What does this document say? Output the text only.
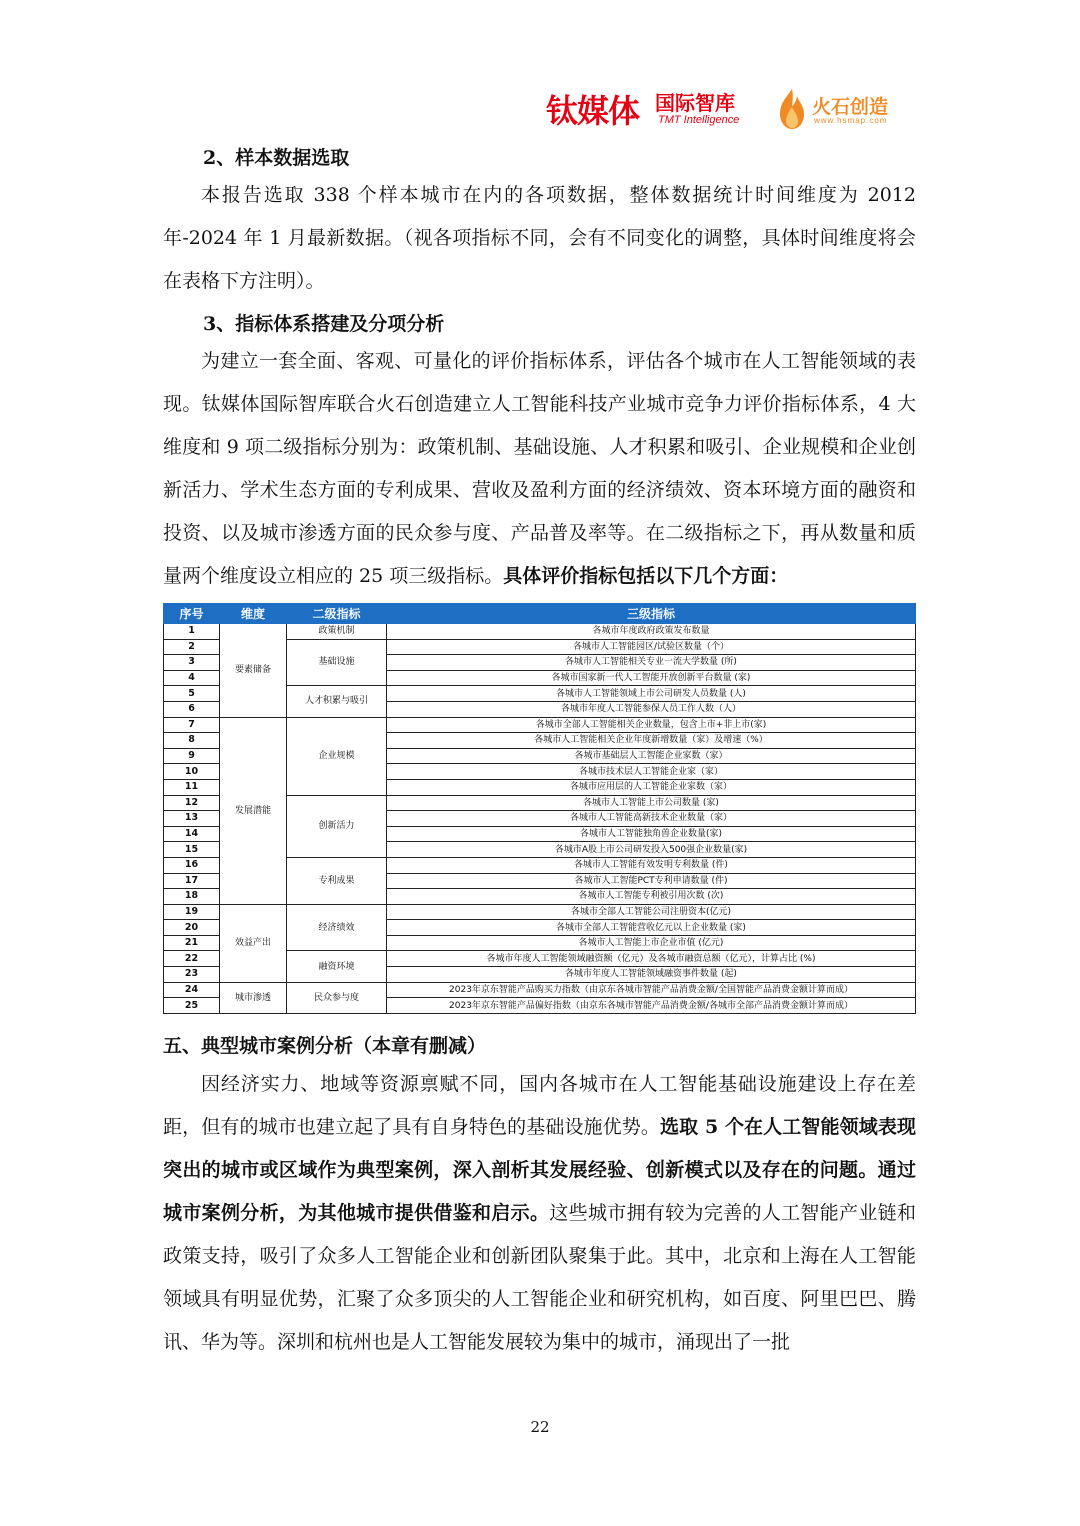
钛媒体 国际智库
TMT Intelligence
火石创造
www.hsmap.com
2、样本数据选取

本报告选取 338 个样本城市在内的各项数据，整体数据统计时间维度为 2012 年-2024 年 1 月最新数据。（视各项指标不同，会有不同变化的调整，具体时间维度将会在表格下方注明）。

3、指标体系搭建及分项分析

为建立一套全面、客观、可量化的评价指标体系，评估各个城市在人工智能领域的表现。钛媒体国际智库联合火石创造建立人工智能科技产业城市竞争力评价指标体系，4 大维度和 9 项二级指标分别为：政策机制、基础设施、人才积累和吸引、企业规模和企业创新活力、学术生态方面的专利成果、营收及盈利方面的经济绩效、资本环境方面的融资和投资、以及城市渗透方面的民众参与度、产品普及率等。在二级指标之下，再从数量和质量两个维度设立相应的 25 项三级指标。具体评价指标包括以下几个方面：

序号	维度	二级指标	三级指标
1	要素储备	政策机制	各城市年度政府政策发布数量
2		基础设施	各城市人工智能园区/试验区数量（个）
3			各城市人工智能相关专业一流大学数量 (所)
4			各城市国家新一代人工智能开放创新平台数量 (家)
5		人才积累与吸引	各城市人工智能领域上市公司研发人员数量 (人)
6			各城市年度人工智能参保人员工作人数（人）
7	发展潜能	企业规模	各城市全部人工智能相关企业数量，包含上市+非上市(家)
8			各城市人工智能相关企业年度新增数量（家）及增速（%）
9			各城市基础层人工智能企业家数（家）
10			各城市技术层人工智能企业家（家）
11			各城市应用层的人工智能企业家数（家）
12		创新活力	各城市人工智能上市公司数量 (家)
13			各城市人工智能高新技术企业数量（家）
14			各城市人工智能独角兽企业数量(家)
15			各城市A股上市公司研发投入500强企业数量(家)
16		专利成果	各城市人工智能有效发明专利数量 (件)
17			各城市人工智能PCT专利申请数量 (件)
18			各城市人工智能专利被引用次数 (次)
19	效益产出	经济绩效	各城市全部人工智能公司注册资本(亿元)
20			各城市全部人工智能营收亿元以上企业数量 (家)
21			各城市人工智能上市企业市值 (亿元)
22		融资环境	各城市年度人工智能领域融资额（亿元）及各城市融资总额（亿元），计算占比 (%)
23			各城市年度人工智能领域融资事件数量 (起)
24	城市渗透	民众参与度	2023年京东智能产品购买力指数（由京东各城市智能产品消费金额/全国智能产品消费金额计算而成）
25			2023年京东智能产品偏好指数（由京东各城市智能产品消费金额/各城市全部产品消费金额计算而成）
五、典型城市案例分析（本章有删减）

因经济实力、地域等资源禀赋不同，国内各城市在人工智能基础设施建设上存在差距，但有的城市也建立起了具有自身特色的基础设施优势。选取 5 个在人工智能领域表现突出的城市或区域作为典型案例，深入剖析其发展经验、创新模式以及存在的问题。通过城市案例分析，为其他城市提供借鉴和启示。这些城市拥有较为完善的人工智能产业链和政策支持，吸引了众多人工智能企业和创新团队聚集于此。其中，北京和上海在人工智能领域具有明显优势，汇聚了众多顶尖的人工智能企业和研究机构，如百度、阿里巴巴、腾讯、华为等。深圳和杭州也是人工智能发展较为集中的城市，涌现出了一批

22
